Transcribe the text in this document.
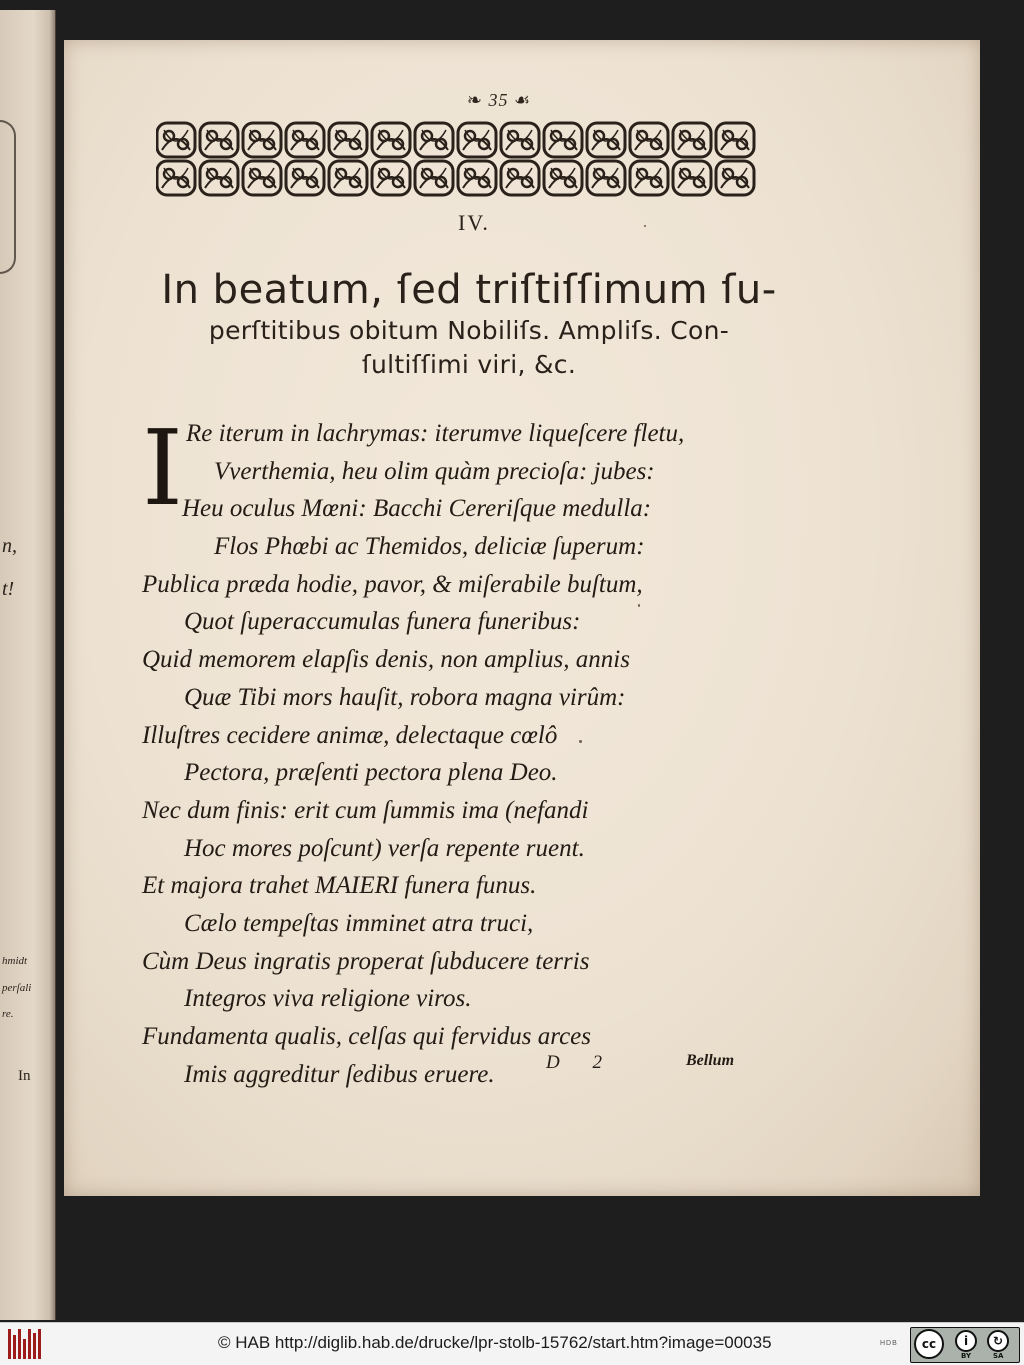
n,
t!
hmidt
perſali
re.
In
❧ 35 ☙
IV.
In beatum, ſed triſtiſſimum ſu-
perſtitibus obitum Nobiliſs. Ampliſs. Con-
ſultiſſimi viri, &c.
I Re iterum in lachrymas: iterumve liqueſcere fletu,
Vverthemia, heu olim quàm precioſa: jubes:
Heu oculus Mœni: Bacchi Cereriſque medulla:
Flos Phœbi ac Themidos, deliciæ ſuperum:
Publica præda hodie, pavor, & miſerabile buſtum,
Quot ſuperaccumulas funera funeribus:
Quid memorem elapſis denis, non amplius, annis
Quæ Tibi mors hauſit, robora magna virûm:
Illuſtres cecidere animæ, delectaque cœlô
Pectora, præſenti pectora plena Deo.
Nec dum finis: erit cum ſummis ima (nefandi
Hoc mores poſcunt) verſa repente ruent.
Et majora trahet MAIERI funera funus.
Cælo tempeſtas imminet atra truci,
Cùm Deus ingratis properat ſubducere terris
Integros viva religione viros.
Fundamenta qualis, celſas qui fervidus arces
Imis aggreditur ſedibus eruere.	D 2	Bellum
© HAB http://diglib.hab.de/drucke/lpr-stolb-15762/start.htm?image=00035	HDB	cc	i	↻
BY	SA
